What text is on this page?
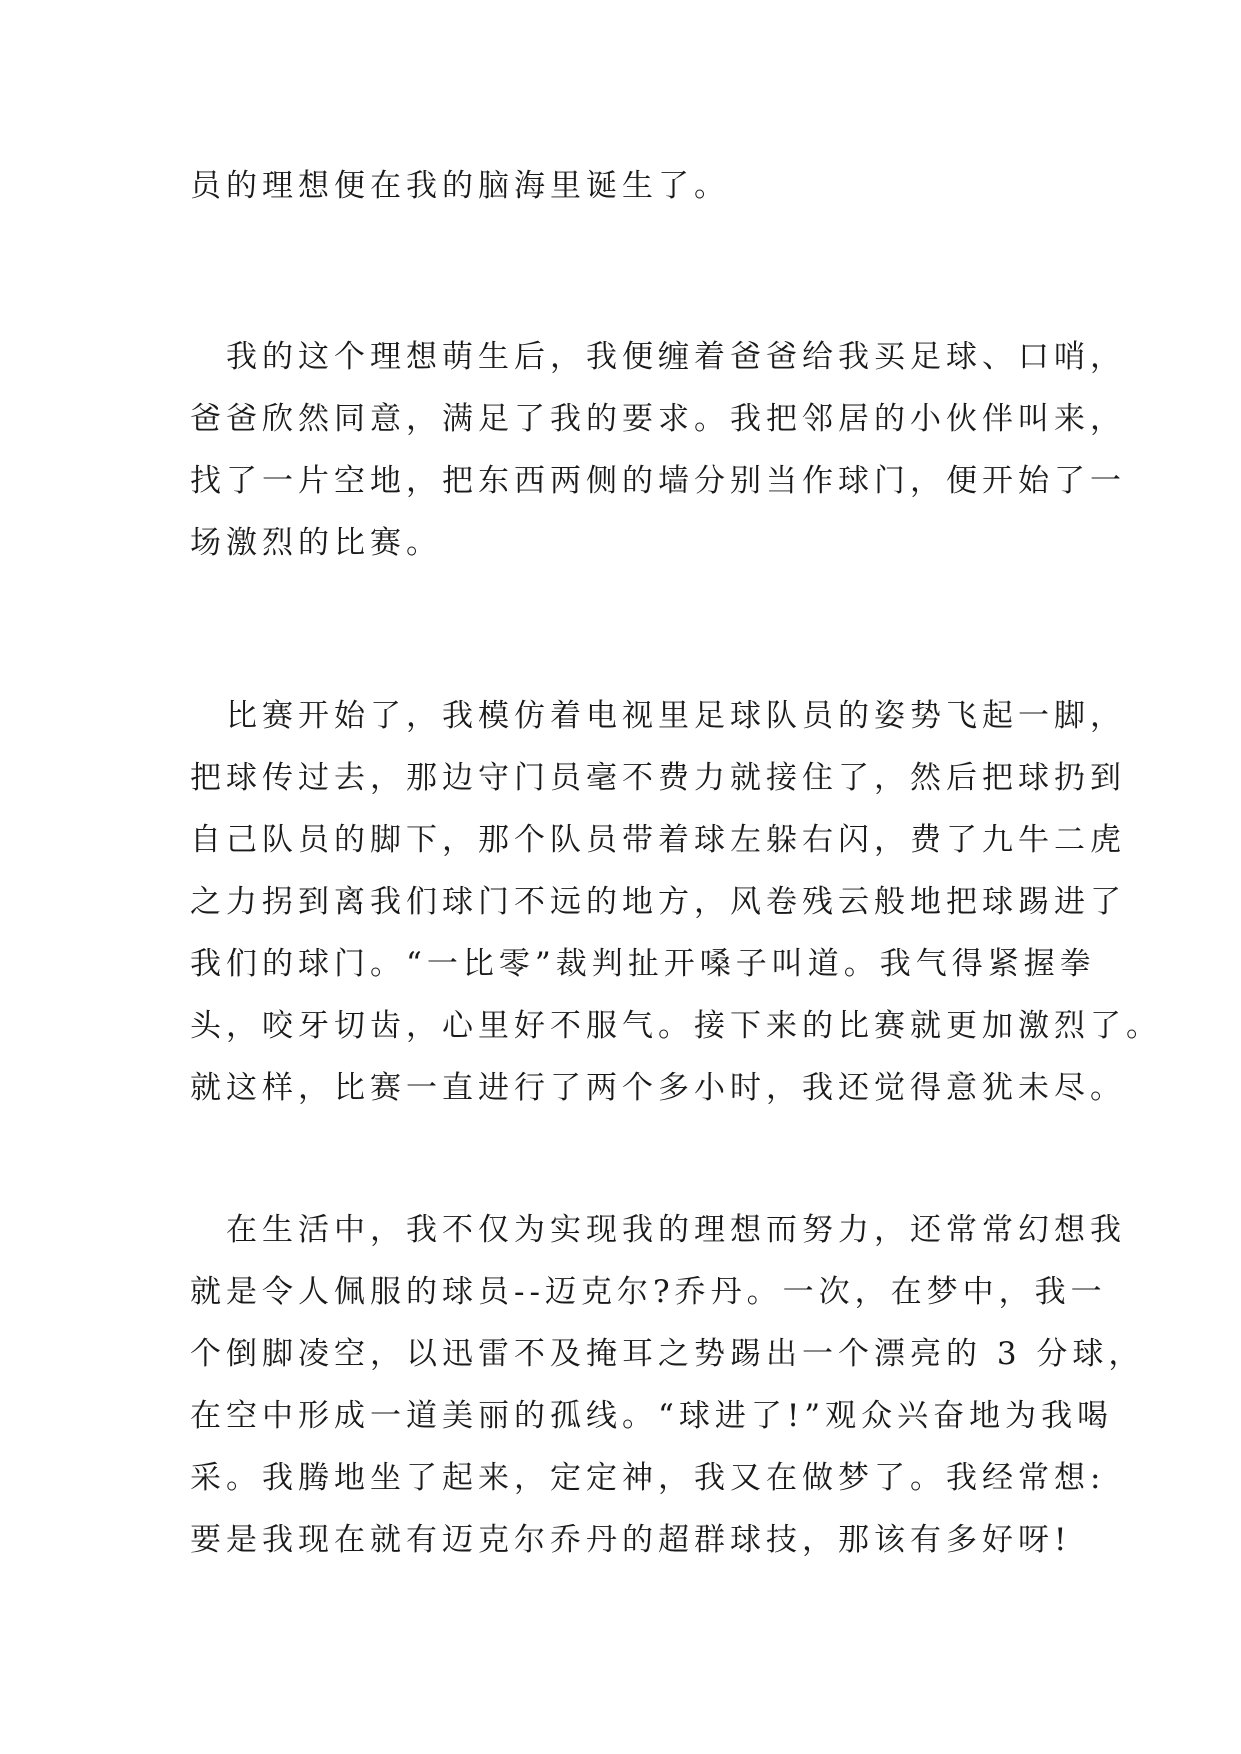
员的理想便在我的脑海里诞生了。
　我的这个理想萌生后，我便缠着爸爸给我买足球、口哨，
爸爸欣然同意，满足了我的要求。我把邻居的小伙伴叫来，
找了一片空地，把东西两侧的墙分别当作球门，便开始了一
场激烈的比赛。
　比赛开始了，我模仿着电视里足球队员的姿势飞起一脚，
把球传过去，那边守门员毫不费力就接住了，然后把球扔到
自己队员的脚下，那个队员带着球左躲右闪，费了九牛二虎
之力拐到离我们球门不远的地方，风卷残云般地把球踢进了
我们的球门。“一比零”裁判扯开嗓子叫道。我气得紧握拳
头，咬牙切齿，心里好不服气。接下来的比赛就更加激烈了。
就这样，比赛一直进行了两个多小时，我还觉得意犹未尽。
　在生活中，我不仅为实现我的理想而努力，还常常幻想我
就是令人佩服的球员--迈克尔?乔丹。一次，在梦中，我一
个倒脚凌空，以迅雷不及掩耳之势踢出一个漂亮的 3 分球，
在空中形成一道美丽的孤线。“球进了!”观众兴奋地为我喝
采。我腾地坐了起来，定定神，我又在做梦了。我经常想:
要是我现在就有迈克尔乔丹的超群球技，那该有多好呀!
